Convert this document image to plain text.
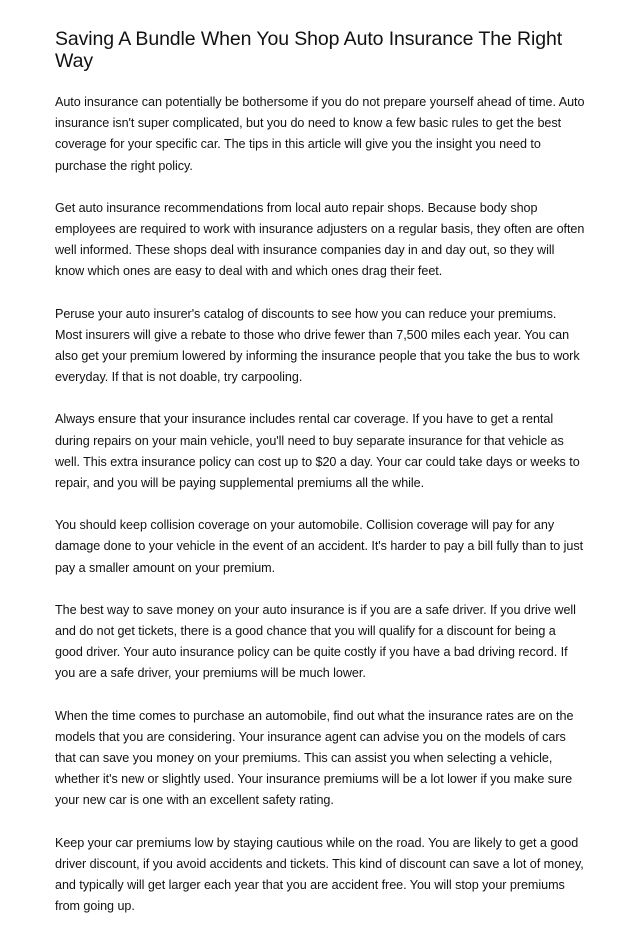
Saving A Bundle When You Shop Auto Insurance The Right Way

Auto insurance can potentially be bothersome if you do not prepare yourself ahead of time. Auto insurance isn't super complicated, but you do need to know a few basic rules to get the best coverage for your specific car. The tips in this article will give you the insight you need to purchase the right policy.

Get auto insurance recommendations from local auto repair shops. Because body shop employees are required to work with insurance adjusters on a regular basis, they often are often well informed. These shops deal with insurance companies day in and day out, so they will know which ones are easy to deal with and which ones drag their feet.

Peruse your auto insurer's catalog of discounts to see how you can reduce your premiums. Most insurers will give a rebate to those who drive fewer than 7,500 miles each year. You can also get your premium lowered by informing the insurance people that you take the bus to work everyday. If that is not doable, try carpooling.

Always ensure that your insurance includes rental car coverage. If you have to get a rental during repairs on your main vehicle, you'll need to buy separate insurance for that vehicle as well. This extra insurance policy can cost up to $20 a day. Your car could take days or weeks to repair, and you will be paying supplemental premiums all the while.

You should keep collision coverage on your automobile. Collision coverage will pay for any damage done to your vehicle in the event of an accident. It's harder to pay a bill fully than to just pay a smaller amount on your premium.

The best way to save money on your auto insurance is if you are a safe driver. If you drive well and do not get tickets, there is a good chance that you will qualify for a discount for being a good driver. Your auto insurance policy can be quite costly if you have a bad driving record. If you are a safe driver, your premiums will be much lower.

When the time comes to purchase an automobile, find out what the insurance rates are on the models that you are considering. Your insurance agent can advise you on the models of cars that can save you money on your premiums. This can assist you when selecting a vehicle, whether it's new or slightly used. Your insurance premiums will be a lot lower if you make sure your new car is one with an excellent safety rating.

Keep your car premiums low by staying cautious while on the road. You are likely to get a good driver discount, if you avoid accidents and tickets. This kind of discount can save a lot of money, and typically will get larger each year that you are accident free. You will stop your premiums from going up.
